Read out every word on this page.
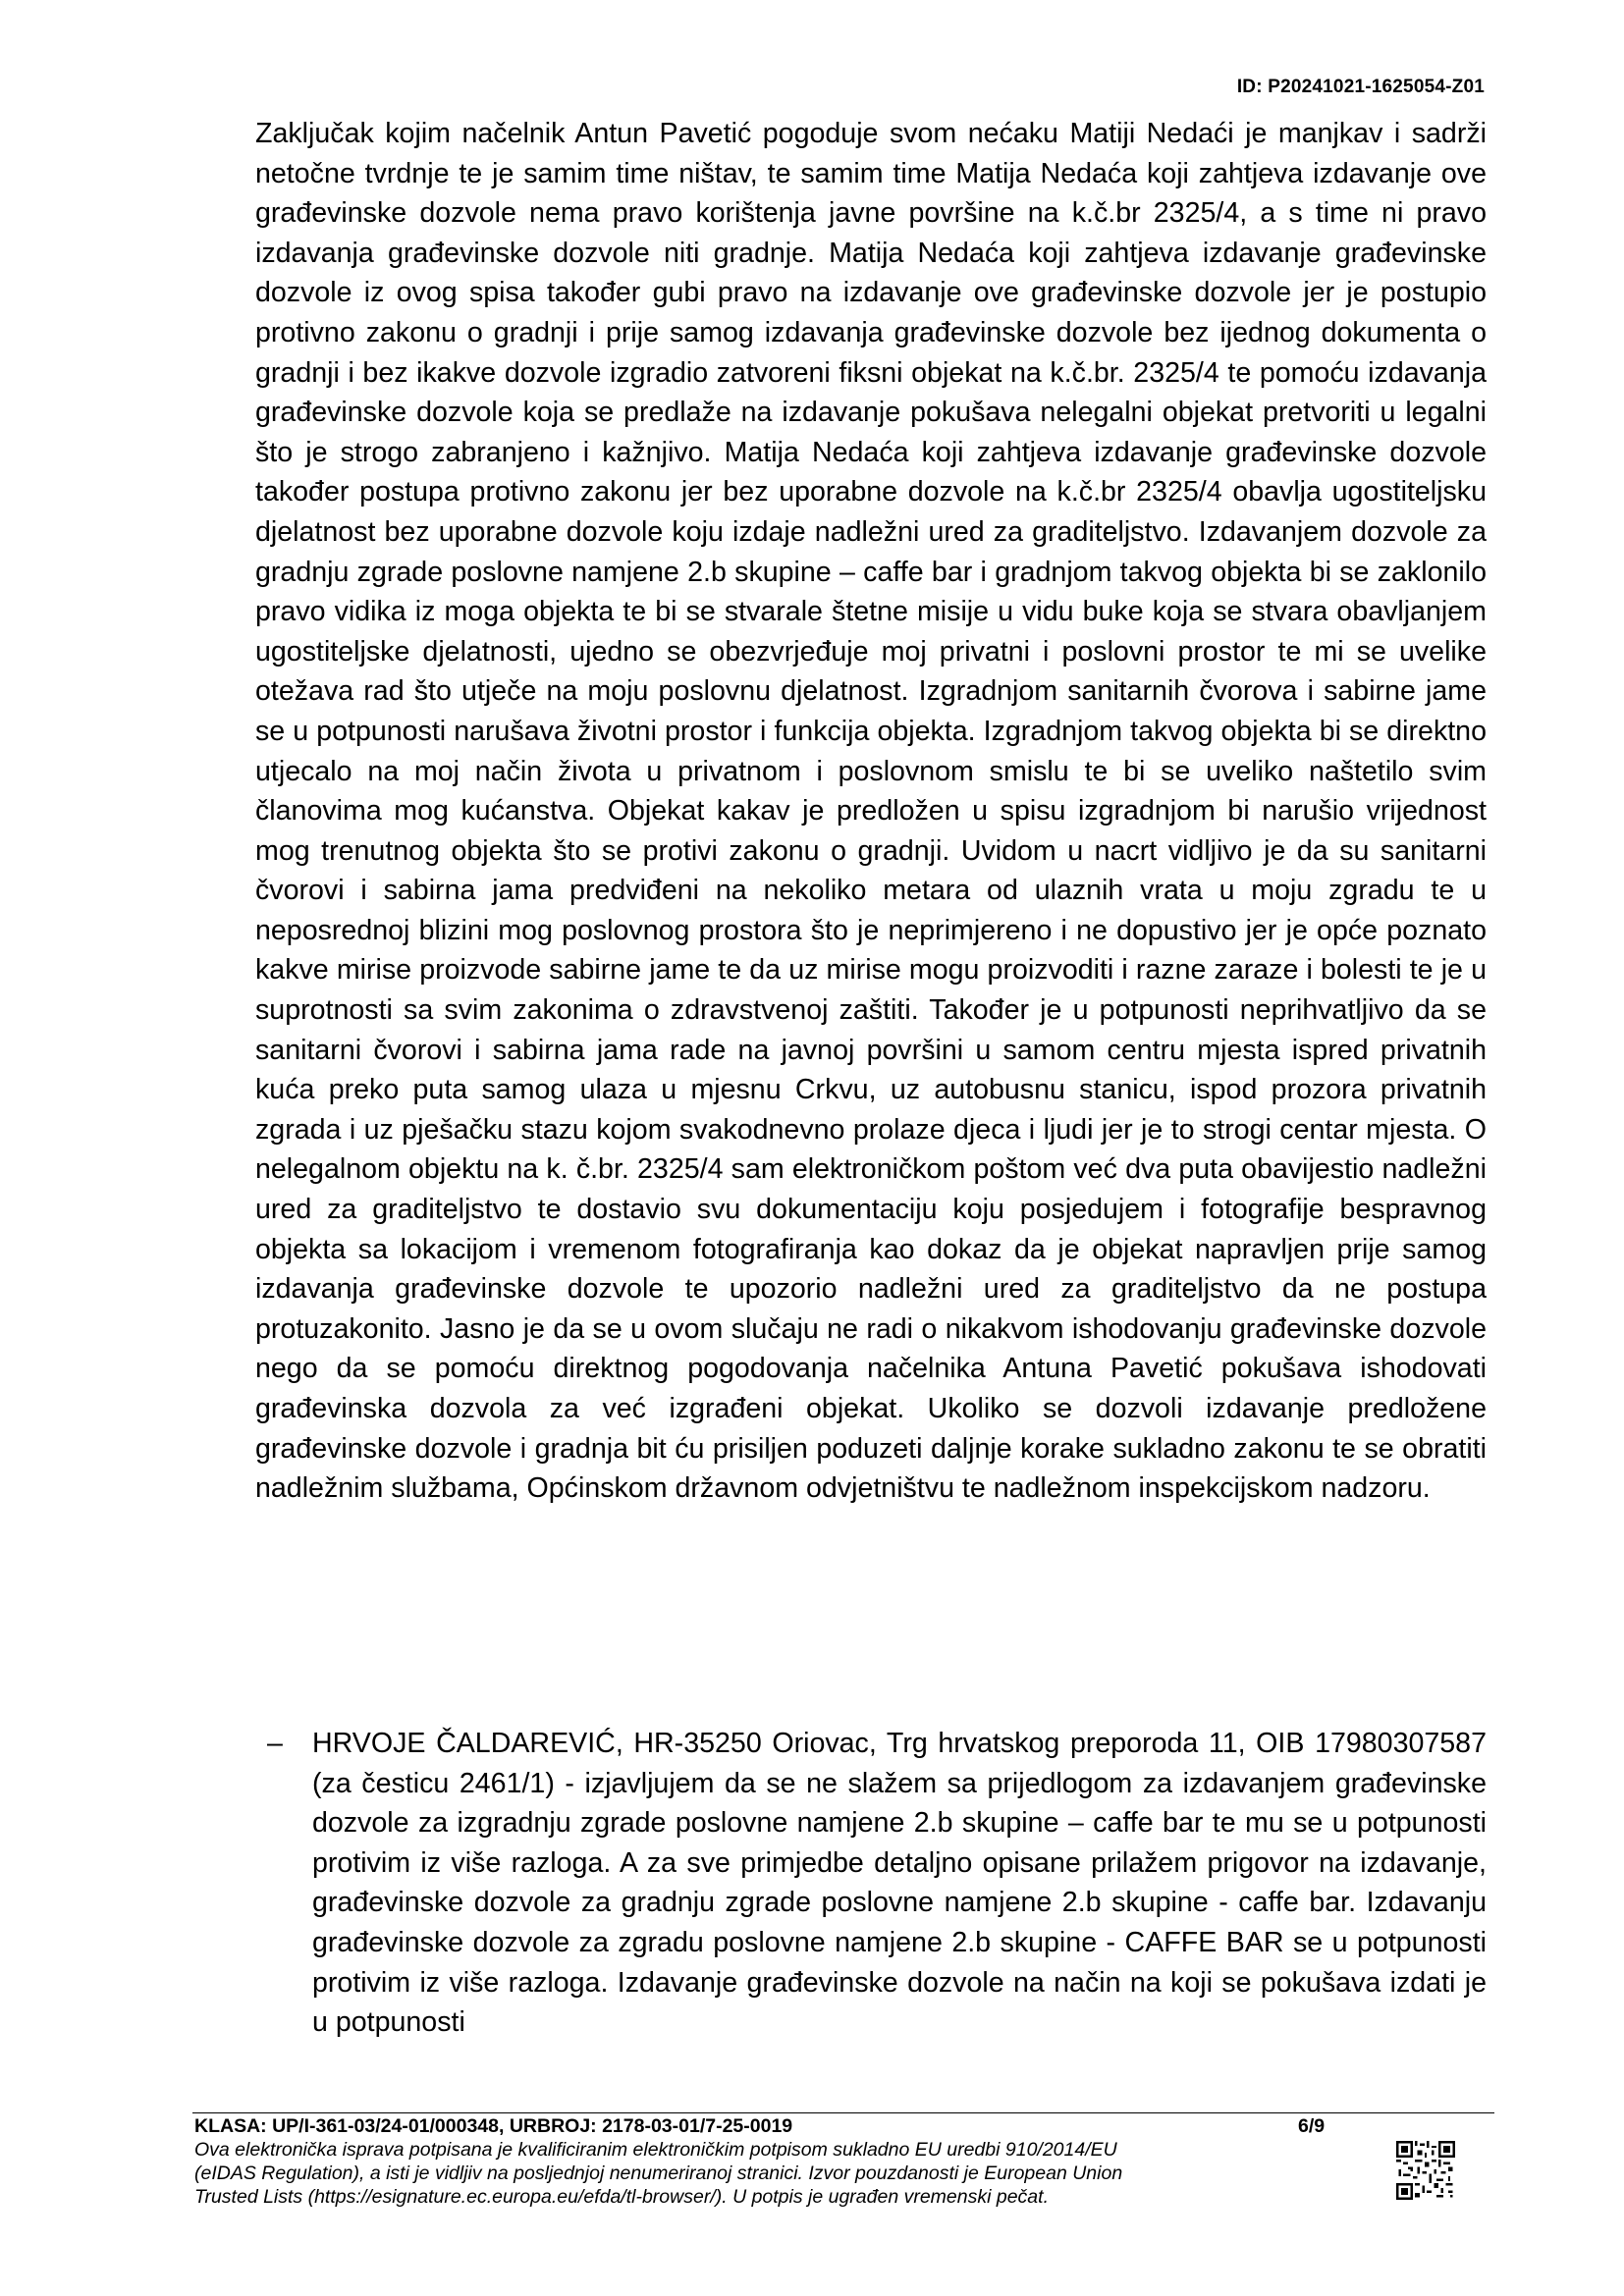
ID: P20241021-1625054-Z01

Zaključak kojim načelnik Antun Pavetić pogoduje svom nećaku Matiji Nedaći je manjkav i sadrži netočne tvrdnje te je samim time ništav, te samim time Matija Nedaća koji zahtjeva izdavanje ove građevinske dozvole nema pravo korištenja javne površine na k.č.br 2325/4, a s time ni pravo izdavanja građevinske dozvole niti gradnje. Matija Nedaća koji zahtjeva izdavanje građevinske dozvole iz ovog spisa također gubi pravo na izdavanje ove građevinske dozvole jer je postupio protivno zakonu o gradnji i prije samog izdavanja građevinske dozvole bez ijednog dokumenta o gradnji i bez ikakve dozvole izgradio zatvoreni fiksni objekat na k.č.br. 2325/4 te pomoću izdavanja građevinske dozvole koja se predlaže na izdavanje pokušava nelegalni objekat pretvoriti u legalni što je strogo zabranjeno i kažnjivo. Matija Nedaća koji zahtjeva izdavanje građevinske dozvole također postupa protivno zakonu jer bez uporabne dozvole na k.č.br 2325/4 obavlja ugostiteljsku djelatnost bez uporabne dozvole koju izdaje nadležni ured za graditeljstvo. Izdavanjem dozvole za gradnju zgrade poslovne namjene 2.b skupine – caffe bar i gradnjom takvog objekta bi se zaklonilo pravo vidika iz moga objekta te bi se stvarale štetne misije u vidu buke koja se stvara obavljanjem ugostiteljske djelatnosti, ujedno se obezvrjeđuje moj privatni i poslovni prostor te mi se uvelike otežava rad što utječe na moju poslovnu djelatnost. Izgradnjom sanitarnih čvorova i sabirne jame se u potpunosti narušava životni prostor i funkcija objekta. Izgradnjom takvog objekta bi se direktno utjecalo na moj način života u privatnom i poslovnom smislu te bi se uveliko naštetilo svim članovima mog kućanstva. Objekat kakav je predložen u spisu izgradnjom bi narušio vrijednost mog trenutnog objekta što se protivi zakonu o gradnji. Uvidom u nacrt vidljivo je da su sanitarni čvorovi i sabirna jama predviđeni na nekoliko metara od ulaznih vrata u moju zgradu te u neposrednoj blizini mog poslovnog prostora što je neprimjereno i ne dopustivo jer je opće poznato kakve mirise proizvode sabirne jame te da uz mirise mogu proizvoditi i razne zaraze i bolesti te je u suprotnosti sa svim zakonima o zdravstvenoj zaštiti. Također je u potpunosti neprihvatljivo da se sanitarni čvorovi i sabirna jama rade na javnoj površini u samom centru mjesta ispred privatnih kuća preko puta samog ulaza u mjesnu Crkvu, uz autobusnu stanicu, ispod prozora privatnih zgrada i uz pješačku stazu kojom svakodnevno prolaze djeca i ljudi jer je to strogi centar mjesta. O nelegalnom objektu na k. č.br. 2325/4 sam elektroničkom poštom već dva puta obavijestio nadležni ured za graditeljstvo te dostavio svu dokumentaciju koju posjedujem i fotografije bespravnog objekta sa lokacijom i vremenom fotografiranja kao dokaz da je objekat napravljen prije samog izdavanja građevinske dozvole te upozorio nadležni ured za graditeljstvo da ne postupa protuzakonito. Jasno je da se u ovom slučaju ne radi o nikakvom ishodovanju građevinske dozvole nego da se pomoću direktnog pogodovanja načelnika Antuna Pavetić pokušava ishodovati građevinska dozvola za već izgrađeni objekat. Ukoliko se dozvoli izdavanje predložene građevinske dozvole i gradnja bit ću prisiljen poduzeti daljnje korake sukladno zakonu te se obratiti nadležnim službama, Općinskom državnom odvjetništvu te nadležnom inspekcijskom nadzoru.

– HRVOJE ČALDAREVIĆ, HR-35250 Oriovac, Trg hrvatskog preporoda 11, OIB 17980307587 (za česticu 2461/1) - izjavljujem da se ne slažem sa prijedlogom za izdavanjem građevinske dozvole za izgradnju zgrade poslovne namjene 2.b skupine – caffe bar te mu se u potpunosti protivim iz više razloga. A za sve primjedbe detaljno opisane prilažem prigovor na izdavanje, građevinske dozvole za gradnju zgrade poslovne namjene 2.b skupine - caffe bar. Izdavanju građevinske dozvole za zgradu poslovne namjene 2.b skupine - CAFFE BAR se u potpunosti protivim iz više razloga. Izdavanje građevinske dozvole na način na koji se pokušava izdati je u potpunosti

KLASA: UP/I-361-03/24-01/000348, URBROJ: 2178-03-01/7-25-0019	6/9
Ova elektronička isprava potpisana je kvalificiranim elektroničkim potpisom sukladno EU uredbi 910/2014/EU
(eIDAS Regulation), a isti je vidljiv na posljednjoj nenumeriranoj stranici. Izvor pouzdanosti je European Union
Trusted Lists (https://esignature.ec.europa.eu/efda/tl-browser/). U potpis je ugrađen vremenski pečat.
